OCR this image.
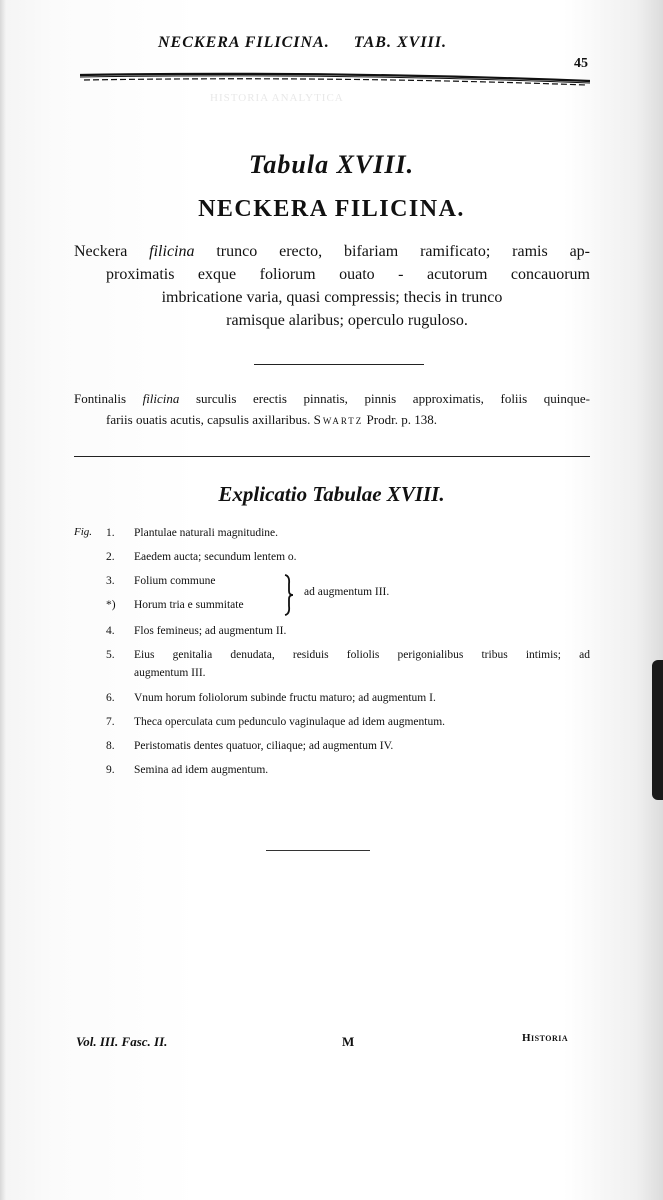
HISTORIA ANALYTICA
NECKERA FILICINA. TAB. XVIII.
45
Tabula XVIII.
NECKERA FILICINA.

Neckera filicina trunco erecto, bifariam ramificato; ramis ap-

proximatis exque foliorum ouato - acutorum concauorum

imbricatione varia, quasi compressis; thecis in trunco

ramisque alaribus; operculo ruguloso.

Fontinalis filicina surculis erectis pinnatis, pinnis approximatis, foliis quinque-
fariis ouatis acutis, capsulis axillaribus. Swartz Prodr. p. 138.
Explicatio Tabulae XVIII.
Fig. 1. Plantulae naturali magnitudine.
2. Eaedem aucta; secundum lentem o.
3. Folium commune
*) Horum tria e summitate
ad augmentum III.
4. Flos femineus; ad augmentum II.
5. Eius genitalia denudata, residuis foliolis perigonialibus tribus intimis; ad
augmentum III.
6. Vnum horum foliolorum subinde fructu maturo; ad augmentum I.
7. Theca operculata cum pedunculo vaginulaque ad idem augmentum.
8. Peristomatis dentes quatuor, ciliaque; ad augmentum IV.
9. Semina ad idem augmentum.
Vol. III. Fasc. II.	M	Historia
